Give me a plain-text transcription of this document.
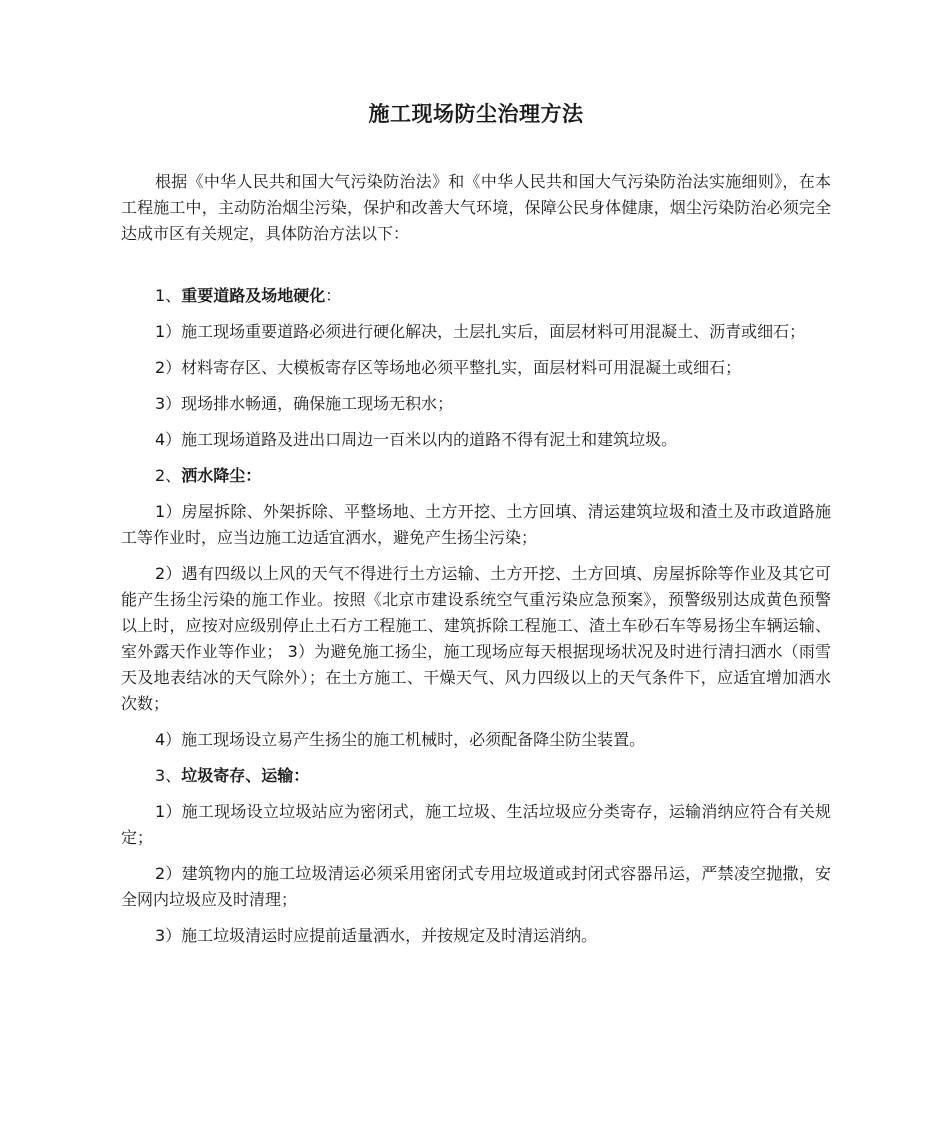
施工现场防尘治理方法

根据《中华人民共和国大气污染防治法》和《中华人民共和国大气污染防治法实施细则》，在本工程施工中，主动防治烟尘污染，保护和改善大气环境，保障公民身体健康，烟尘污染防治必须完全达成市区有关规定，具体防治方法以下：

1、重要道路及场地硬化：

1）施工现场重要道路必须进行硬化解决，土层扎实后，面层材料可用混凝土、沥青或细石；

2）材料寄存区、大模板寄存区等场地必须平整扎实，面层材料可用混凝土或细石；

3）现场排水畅通，确保施工现场无积水；

4）施工现场道路及进出口周边一百米以内的道路不得有泥土和建筑垃圾。

2、洒水降尘：

1）房屋拆除、外架拆除、平整场地、土方开挖、土方回填、清运建筑垃圾和渣土及市政道路施工等作业时，应当边施工边适宜洒水，避免产生扬尘污染；

2）遇有四级以上风的天气不得进行土方运输、土方开挖、土方回填、房屋拆除等作业及其它可能产生扬尘污染的施工作业。按照《北京市建设系统空气重污染应急预案》，预警级别达成黄色预警以上时，应按对应级别停止土石方工程施工、建筑拆除工程施工、渣土车砂石车等易扬尘车辆运输、室外露天作业等作业； 3）为避免施工扬尘，施工现场应每天根据现场状况及时进行清扫洒水（雨雪天及地表结冰的天气除外）；在土方施工、干燥天气、风力四级以上的天气条件下，应适宜增加洒水次数；

4）施工现场设立易产生扬尘的施工机械时，必须配备降尘防尘装置。

3、垃圾寄存、运输：

1）施工现场设立垃圾站应为密闭式，施工垃圾、生活垃圾应分类寄存，运输消纳应符合有关规定；

2）建筑物内的施工垃圾清运必须采用密闭式专用垃圾道或封闭式容器吊运，严禁凌空抛撒，安全网内垃圾应及时清理；

3）施工垃圾清运时应提前适量洒水，并按规定及时清运消纳。
